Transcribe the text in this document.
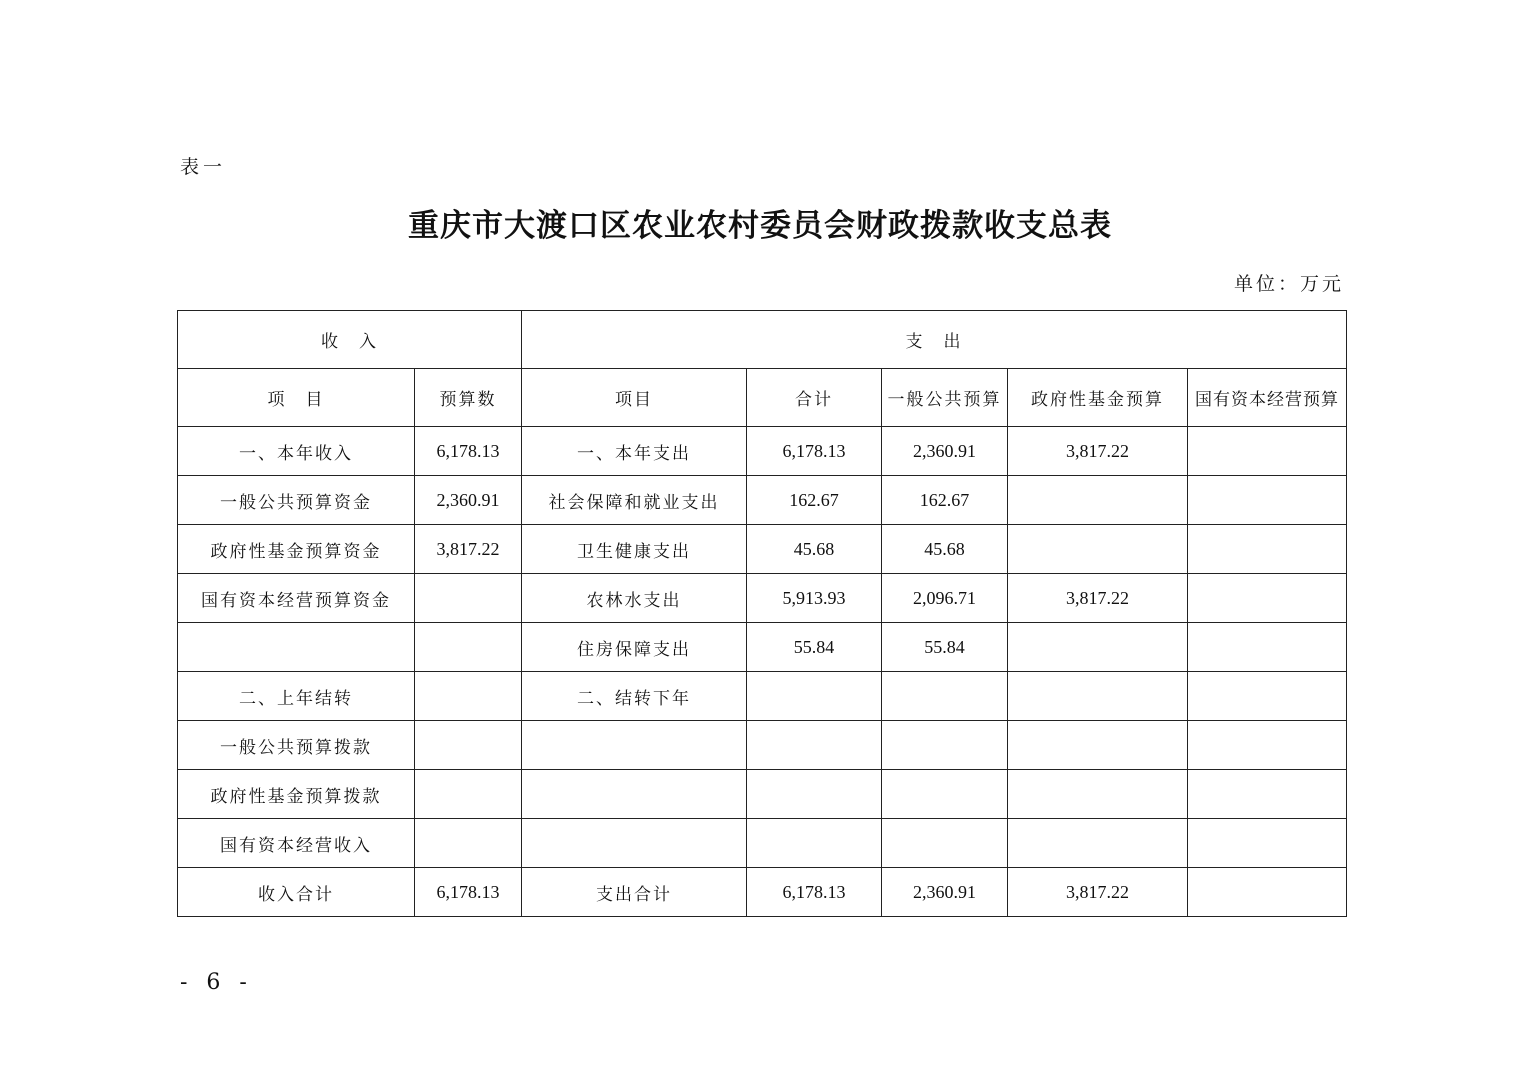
表一
重庆市大渡口区农业农村委员会财政拨款收支总表
单位：万元
收　入		支　出				
项　目	预算数	项目	合计	一般公共预算	政府性基金预算	国有资本经营预算
一、本年收入	6,178.13	一、本年支出	6,178.13	2,360.91	3,817.22	
一般公共预算资金	2,360.91	社会保障和就业支出	162.67	162.67		
政府性基金预算资金	3,817.22	卫生健康支出	45.68	45.68		
国有资本经营预算资金		农林水支出	5,913.93	2,096.71	3,817.22	
		住房保障支出	55.84	55.84		
二、上年结转		二、结转下年				
一般公共预算拨款						
政府性基金预算拨款						
国有资本经营收入						
收入合计	6,178.13	支出合计	6,178.13	2,360.91	3,817.22	
- 6 -
